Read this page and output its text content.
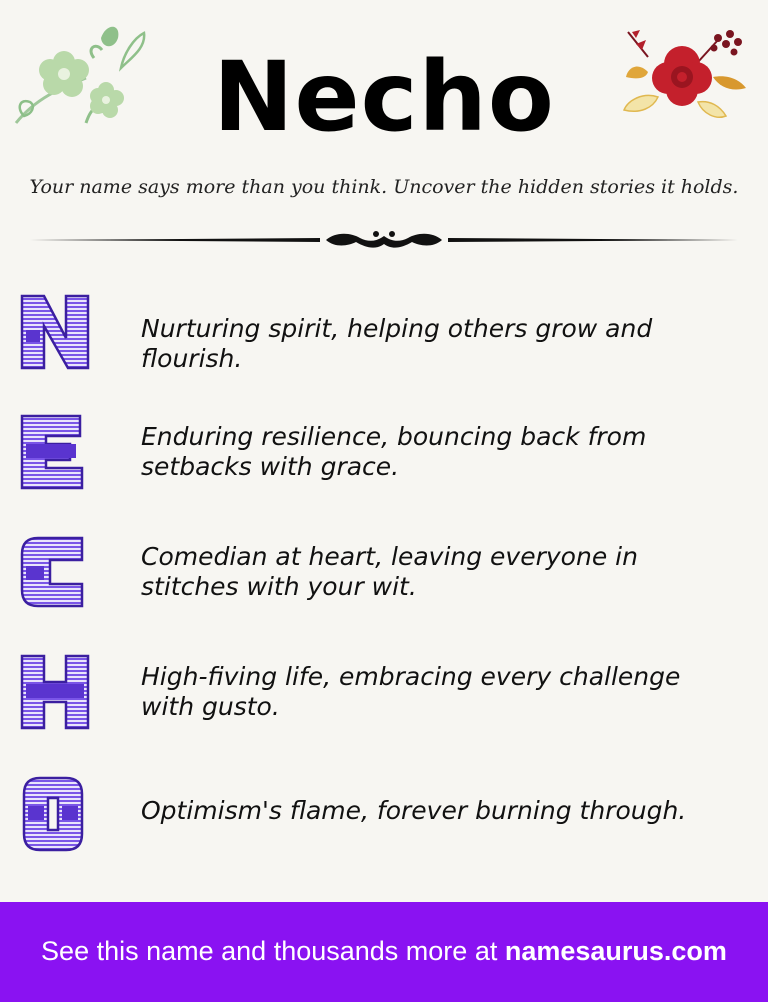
Necho
Your name says more than you think. Uncover the hidden stories it holds.
Nurturing spirit, helping others grow and flourish.
Enduring resilience, bouncing back from setbacks with grace.
Comedian at heart, leaving everyone in stitches with your wit.
High-fiving life, embracing every challenge with gusto.
Optimism's flame, forever burning through.
See this name and thousands more at namesaurus.com
